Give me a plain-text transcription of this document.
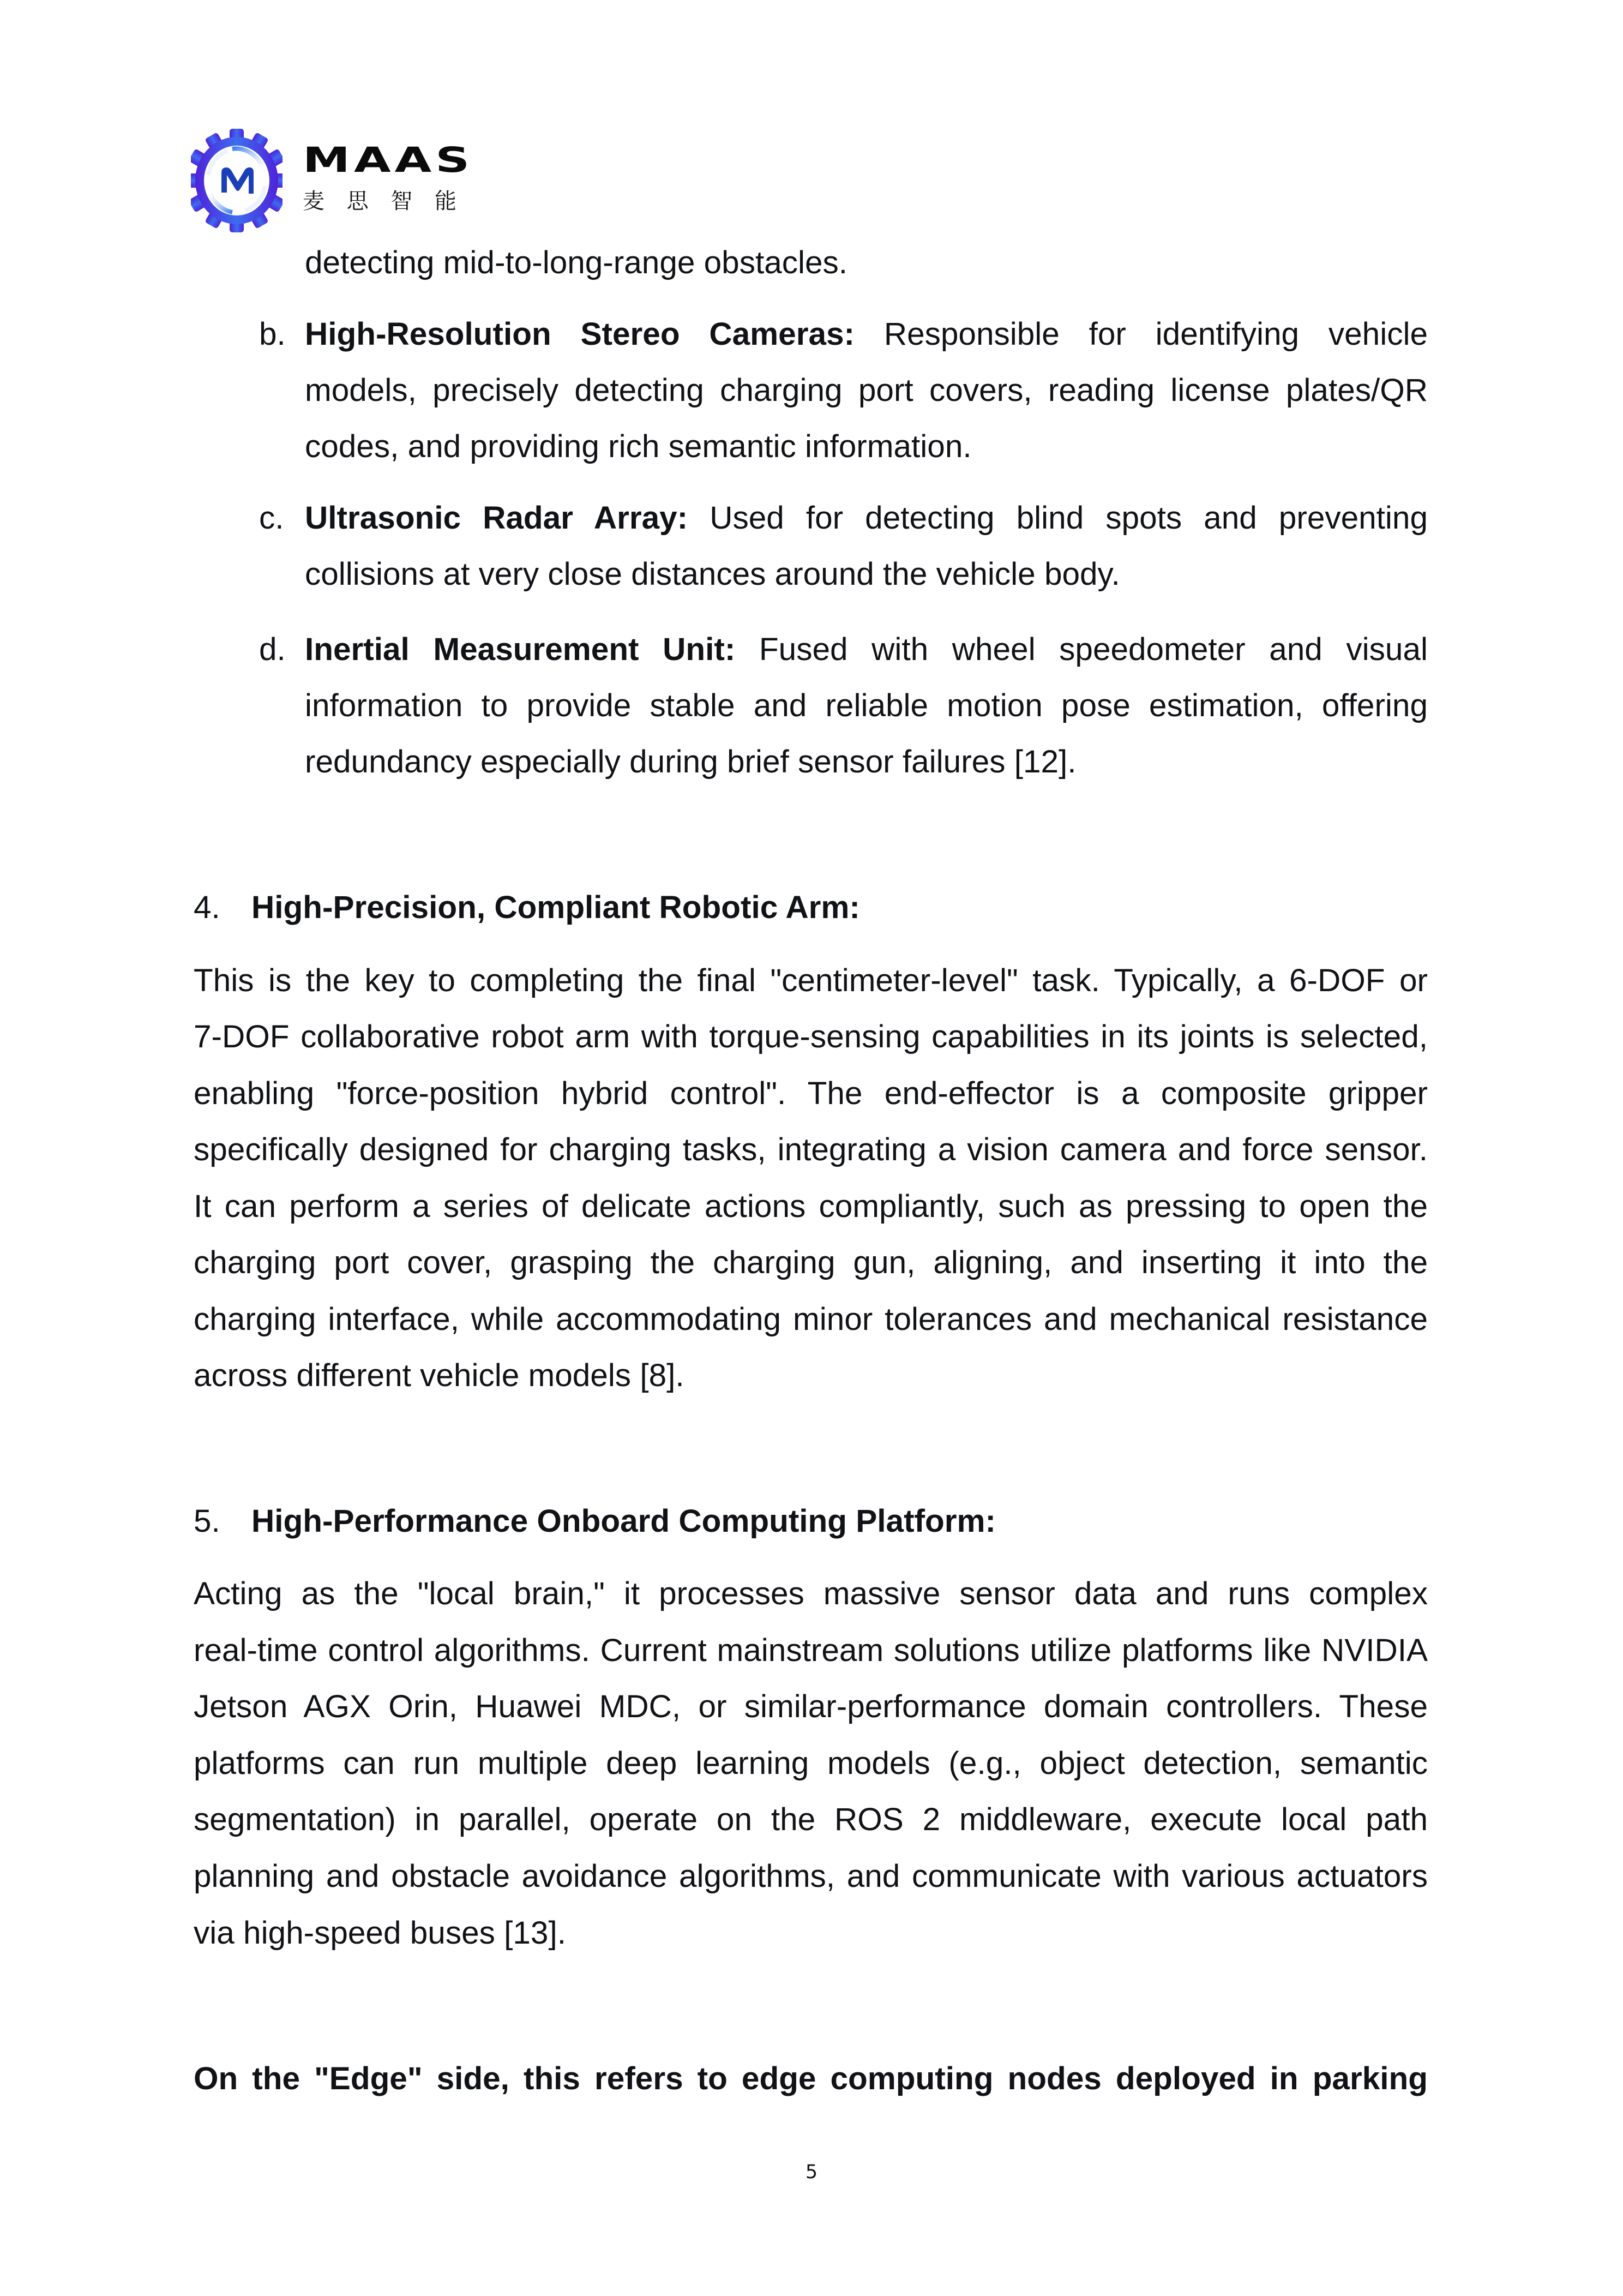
MAAS
麦 思 智 能
detecting mid-to-long-range obstacles.
b. High-Resolution Stereo Cameras: Responsible for identifying vehicle
models, precisely detecting charging port covers, reading license plates/QR
codes, and providing rich semantic information.
c. Ultrasonic Radar Array: Used for detecting blind spots and preventing
collisions at very close distances around the vehicle body.
d. Inertial Measurement Unit: Fused with wheel speedometer and visual
information to provide stable and reliable motion pose estimation, offering
redundancy especially during brief sensor failures [12].
4. High-Precision, Compliant Robotic Arm:
This is the key to completing the final "centimeter-level" task. Typically, a 6-DOF or
7-DOF collaborative robot arm with torque-sensing capabilities in its joints is selected,
enabling "force-position hybrid control". The end-effector is a composite gripper
specifically designed for charging tasks, integrating a vision camera and force sensor.
It can perform a series of delicate actions compliantly, such as pressing to open the
charging port cover, grasping the charging gun, aligning, and inserting it into the
charging interface, while accommodating minor tolerances and mechanical resistance
across different vehicle models [8].
5. High-Performance Onboard Computing Platform:
Acting as the "local brain," it processes massive sensor data and runs complex
real-time control algorithms. Current mainstream solutions utilize platforms like NVIDIA
Jetson AGX Orin, Huawei MDC, or similar-performance domain controllers. These
platforms can run multiple deep learning models (e.g., object detection, semantic
segmentation) in parallel, operate on the ROS 2 middleware, execute local path
planning and obstacle avoidance algorithms, and communicate with various actuators
via high-speed buses [13].
On the "Edge" side, this refers to edge computing nodes deployed in parking
5
